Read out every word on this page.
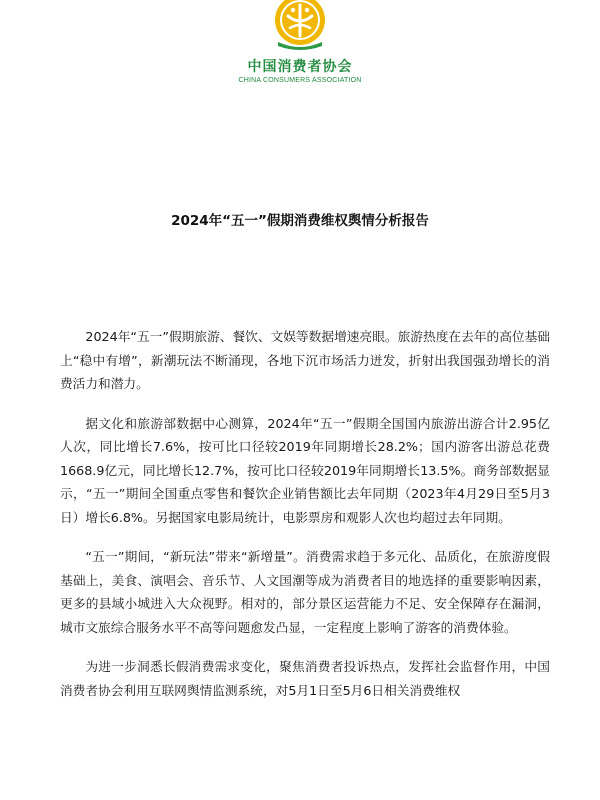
中国消费者协会
CHINA CONSUMERS ASSOCIATION
2024年“五一”假期消费维权舆情分析报告

2024年“五一”假期旅游、餐饮、文娱等数据增速亮眼。旅游热度在去年的高位基础上“稳中有增”，新潮玩法不断涌现，各地下沉市场活力迸发，折射出我国强劲增长的消费活力和潜力。

据文化和旅游部数据中心测算，2024年“五一”假期全国国内旅游出游合计2.95亿人次，同比增长7.6%，按可比口径较2019年同期增长28.2%；国内游客出游总花费1668.9亿元，同比增长12.7%，按可比口径较2019年同期增长13.5%。商务部数据显示，“五一”期间全国重点零售和餐饮企业销售额比去年同期（2023年4月29日至5月3日）增长6.8%。另据国家电影局统计，电影票房和观影人次也均超过去年同期。

“五一”期间，“新玩法”带来“新增量”。消费需求趋于多元化、品质化，在旅游度假基础上，美食、演唱会、音乐节、人文国潮等成为消费者目的地选择的重要影响因素，更多的县域小城进入大众视野。相对的，部分景区运营能力不足、安全保障存在漏洞，城市文旅综合服务水平不高等问题愈发凸显，一定程度上影响了游客的消费体验。

为进一步洞悉长假消费需求变化，聚焦消费者投诉热点，发挥社会监督作用，中国消费者协会利用互联网舆情监测系统，对5月1日至5月6日相关消费维权
